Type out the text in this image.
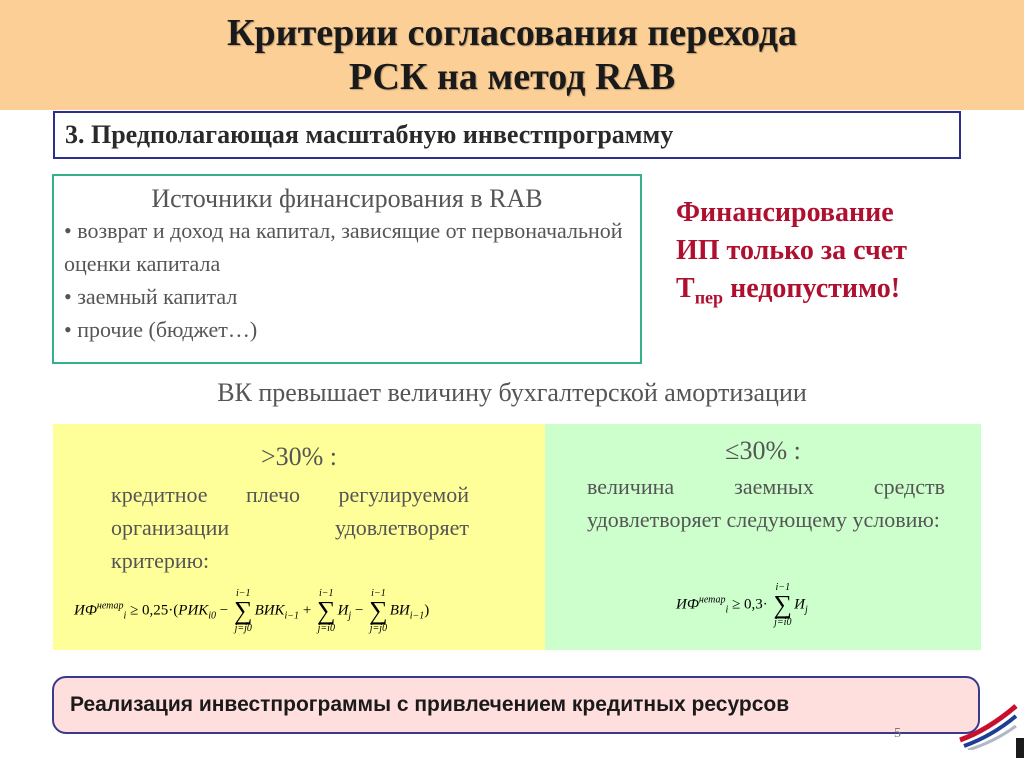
Критерии согласования перехода
РСК на метод RAB
3. Предполагающая масштабную инвестпрограмму
Источники финансирования в RAB
• возврат и доход на капитал, зависящие от первоначальной оценки капитала
• заемный капитал
• прочие (бюджет…)
Финансирование
ИП только за счет
$Т_{пер}$ недопустимо!
ВК превышает величину бухгалтерской амортизации
>30% :
кредитное плечо регулируемой организации удовлетворяет критерию:
$ИФ^{нетар}_i \ge 0,25\cdot(РИК_{i0}$ −
i−1
∑
j=j0
$ВИК_{i-1}$ +
i−1
∑
j=i0
$И_j$ −
i−1
∑
j=j0
$ВИ_{i-1}$)
≤30% :
величина заемных средств удовлетворяет следующему условию:
$ИФ^{нетар}_i \ge 0,3\cdot$
i−1
∑
j=i0
$И_j$
Реализация инвестпрограммы с привлечением кредитных ресурсов
5
